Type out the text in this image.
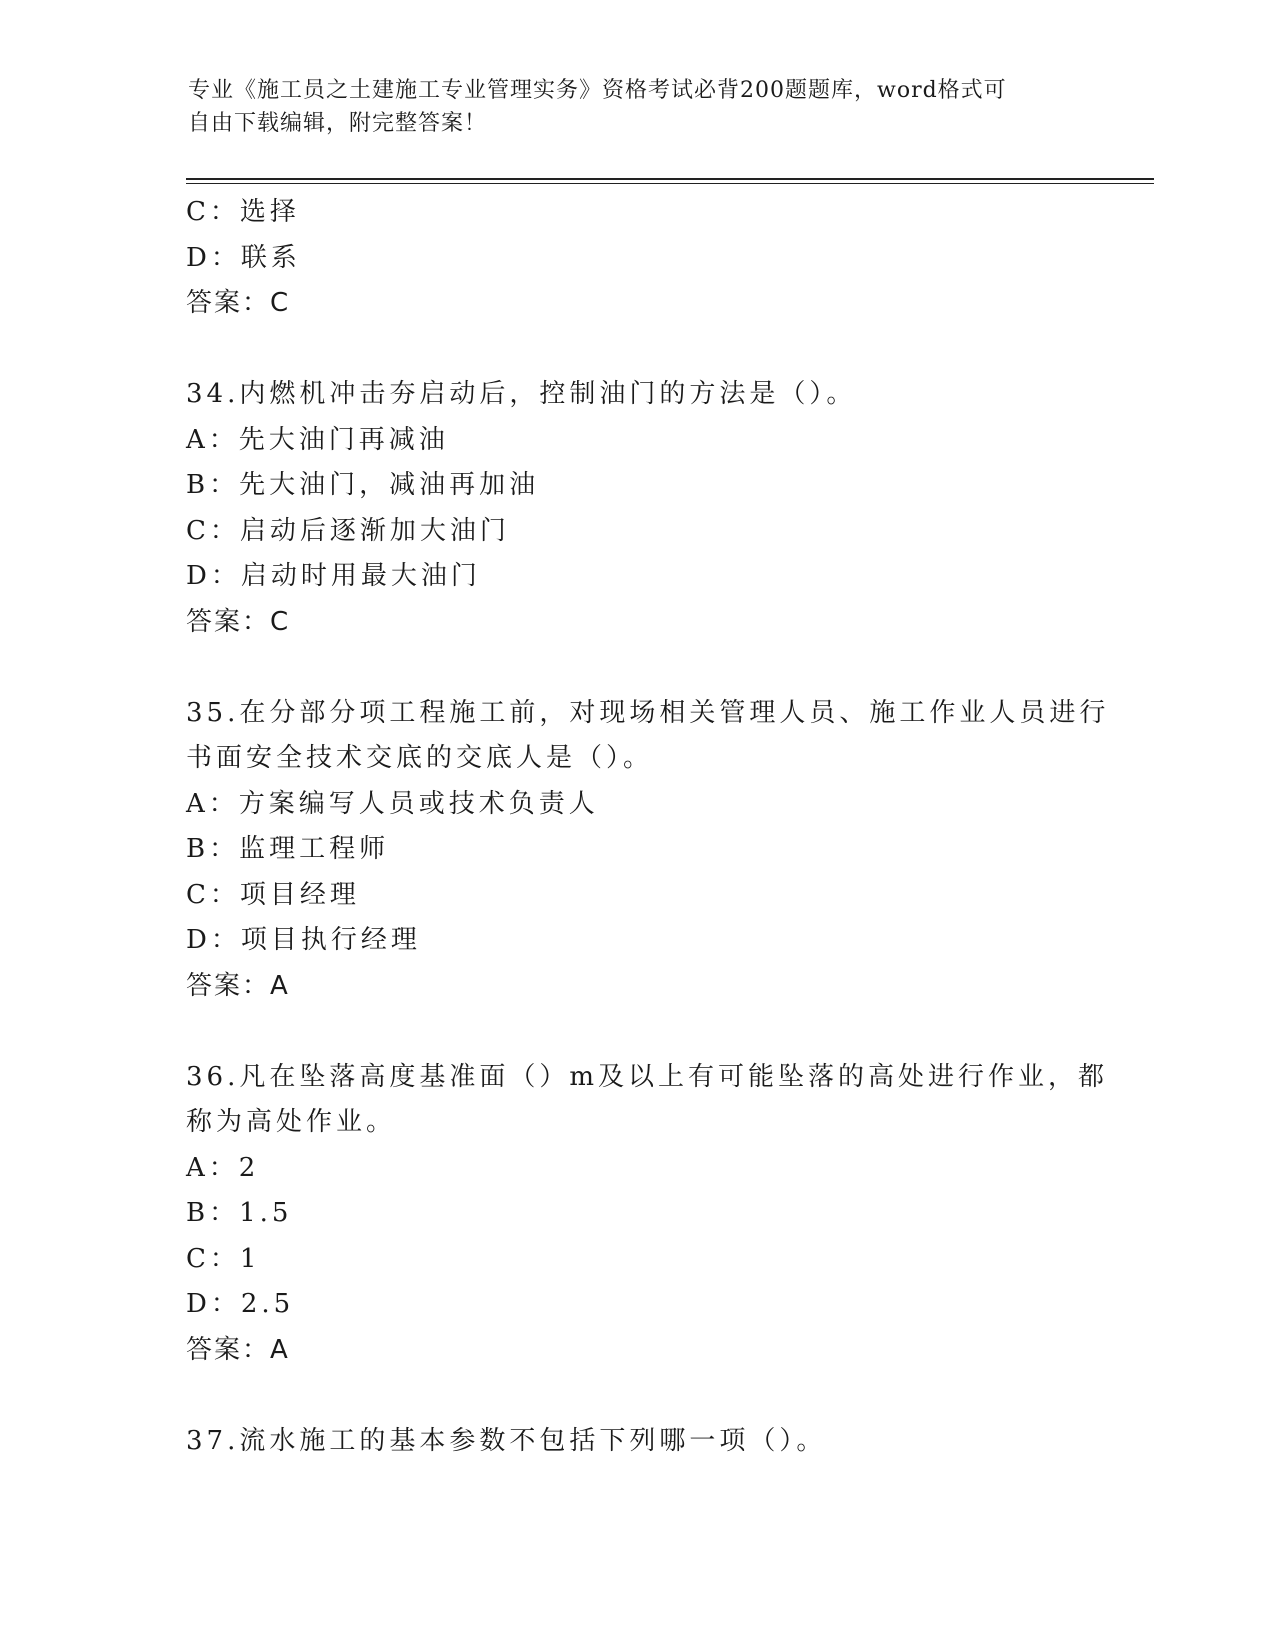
专业《施工员之土建施工专业管理实务》资格考试必背200题题库，word格式可
自由下载编辑，附完整答案！
C：选择
D：联系
答案：C
34.内燃机冲击夯启动后，控制油门的方法是（）。
A：先大油门再减油
B：先大油门，减油再加油
C：启动后逐渐加大油门
D：启动时用最大油门
答案：C
35.在分部分项工程施工前，对现场相关管理人员、施工作业人员进行
书面安全技术交底的交底人是（）。
A：方案编写人员或技术负责人
B：监理工程师
C：项目经理
D：项目执行经理
答案：A
36.凡在坠落高度基准面（）m及以上有可能坠落的高处进行作业，都
称为高处作业。
A：2
B：1.5
C：1
D：2.5
答案：A
37.流水施工的基本参数不包括下列哪一项（）。
